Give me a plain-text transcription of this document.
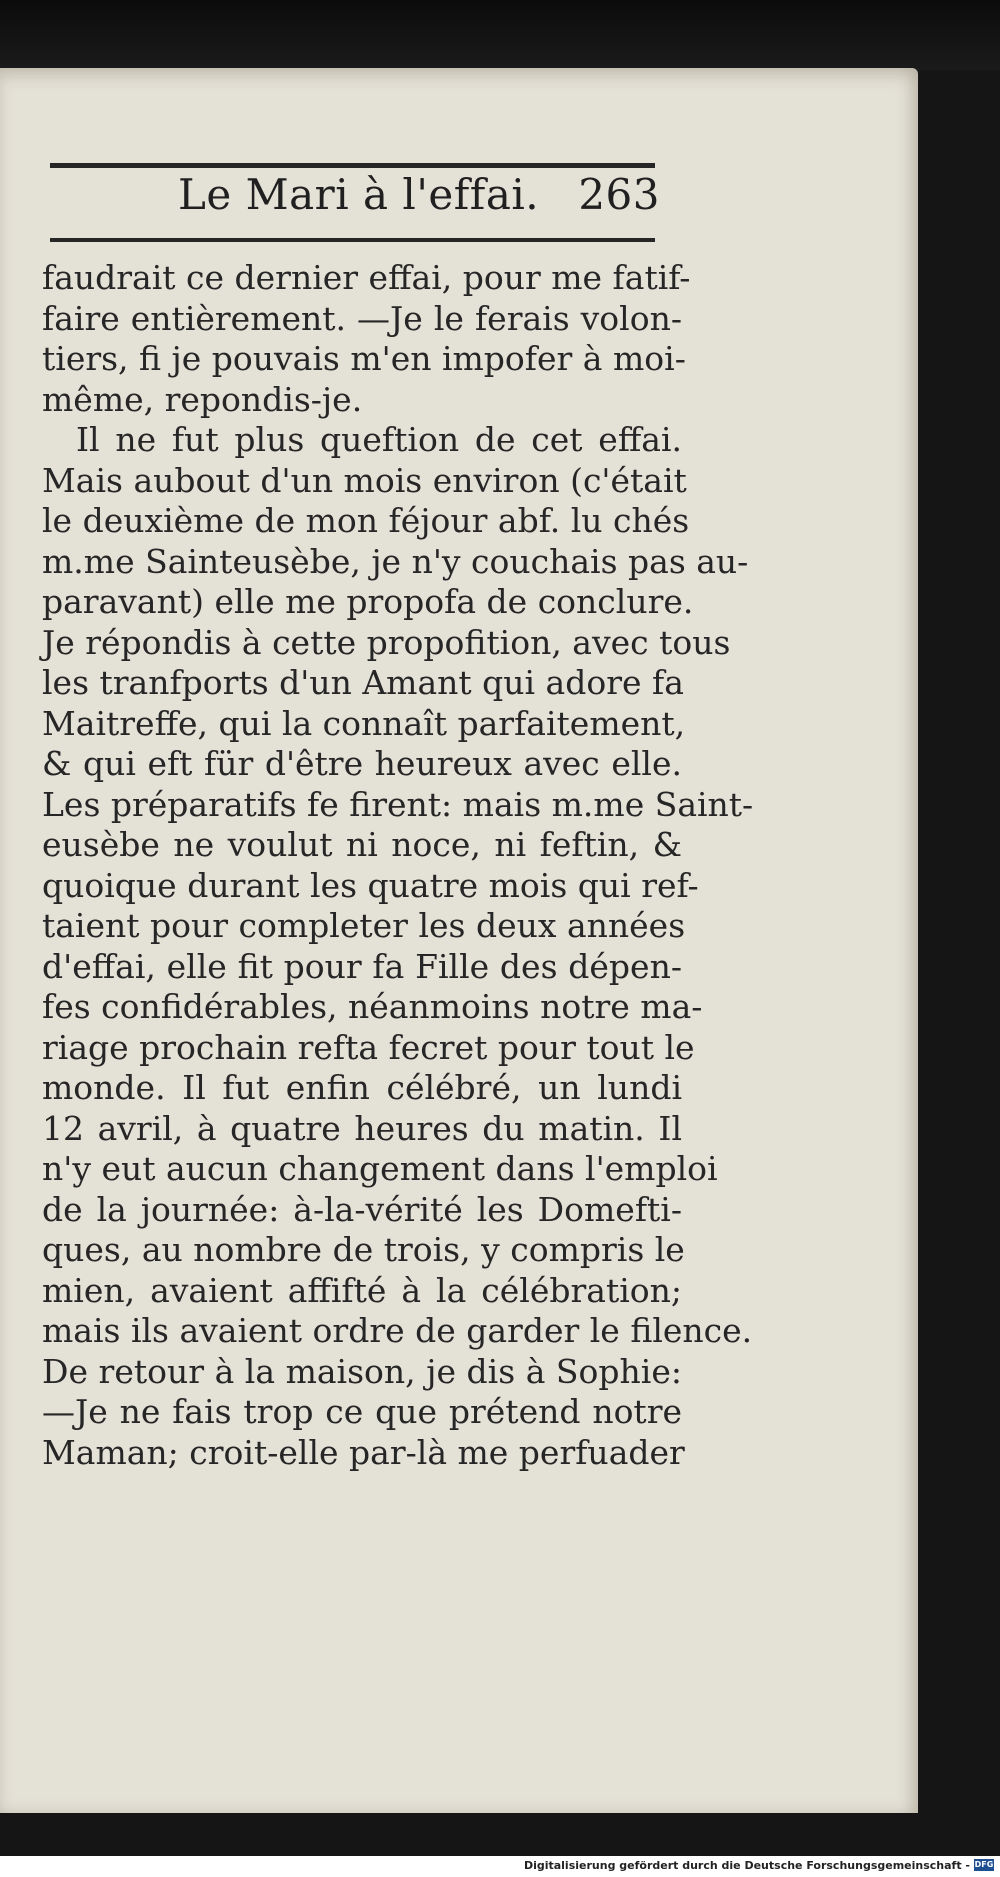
Le Mari à l'effai. 263
faudrait ce dernier effai, pour me fatif-
faire entièrement. —Je le ferais volon-
tiers, fi je pouvais m'en impofer à moi-
même, repondis-je.
Il ne fut plus queftion de cet effai.
Mais aubout d'un mois environ (c'était
le deuxième de mon féjour abf. lu chés
m.me Sainteusèbe, je n'y couchais pas au-
paravant) elle me propofa de conclure.
Je répondis à cette propofition, avec tous
les tranfports d'un Amant qui adore fa
Maitreffe, qui la connaît parfaitement,
& qui eft für d'être heureux avec elle.
Les préparatifs fe firent: mais m.me Saint-
eusèbe ne voulut ni noce, ni feftin, &
quoique durant les quatre mois qui ref-
taient pour completer les deux années
d'effai, elle fit pour fa Fille des dépen-
fes confidérables, néanmoins notre ma-
riage prochain refta fecret pour tout le
monde. Il fut enfin célébré, un lundi
12 avril, à quatre heures du matin. Il
n'y eut aucun changement dans l'emploi
de la journée: à-la-vérité les Domefti-
ques, au nombre de trois, y compris le
mien, avaient affifté à la célébration;
mais ils avaient ordre de garder le filence.
De retour à la maison, je dis à Sophie:
—Je ne fais trop ce que prétend notre
Maman; croit-elle par-là me perfuader
Digitalisierung gefördert durch die Deutsche Forschungsgemeinschaft - DFG
